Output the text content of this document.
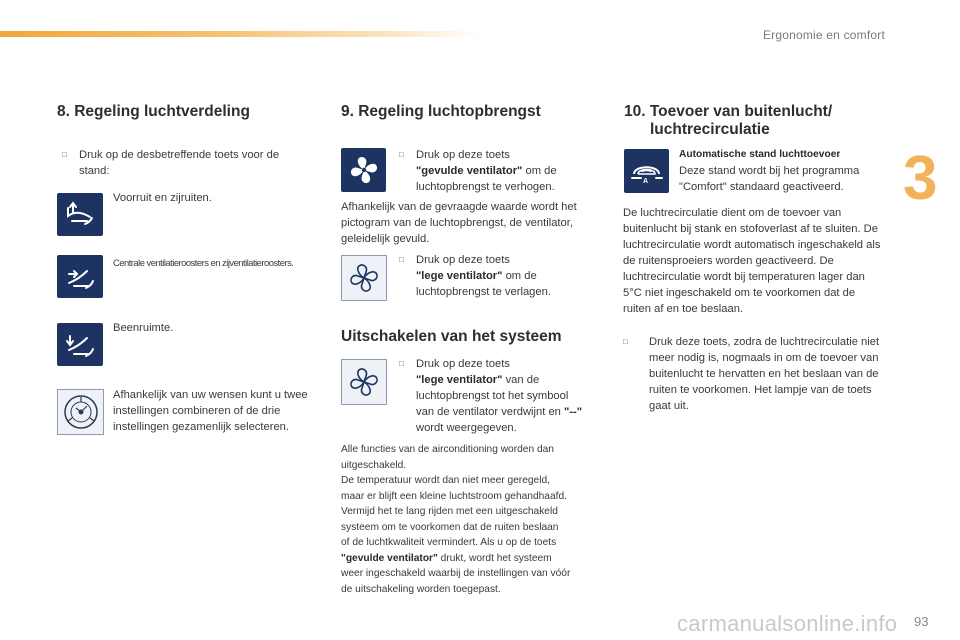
Ergonomie en comfort
3
8. Regeling luchtverdeling
□ Druk op de desbetreffende toets voor de stand:
Voorruit en zijruiten.
Centrale ventilatieroosters en zijventilatieroosters.
Beenruimte.
Afhankelijk van uw wensen kunt u twee instellingen combineren of de drie instellingen gezamenlijk selecteren.
9. Regeling luchtopbrengst
□ Druk op deze toets
"gevulde ventilator" om de
luchtopbrengst te verhogen.
Afhankelijk van de gevraagde waarde wordt het pictogram van de luchtopbrengst, de ventilator, geleidelijk gevuld.
□ Druk op deze toets
"lege ventilator" om de
luchtopbrengst te verlagen.
Uitschakelen van het systeem
□ Druk op deze toets
"lege ventilator" van de
luchtopbrengst tot het symbool
van de ventilator verdwijnt en "--"
wordt weergegeven.
Alle functies van de airconditioning worden dan
uitgeschakeld.
De temperatuur wordt dan niet meer geregeld,
maar er blijft een kleine luchtstroom gehandhaafd.
Vermijd het te lang rijden met een uitgeschakeld
systeem om te voorkomen dat de ruiten beslaan
of de luchtkwaliteit vermindert. Als u op de toets
"gevulde ventilator" drukt, wordt het systeem
weer ingeschakeld waarbij de instellingen van vóór
de uitschakeling worden toegepast.
10. Toevoer van buitenlucht/
luchtrecirculatie
A
Automatische stand luchttoevoer
Deze stand wordt bij het programma "Comfort" standaard geactiveerd.
De luchtrecirculatie dient om de toevoer van buitenlucht bij stank en stofoverlast af te sluiten. De luchtrecirculatie wordt automatisch ingeschakeld als de ruitensproeiers worden geactiveerd. De luchtrecirculatie wordt bij temperaturen lager dan 5°C niet ingeschakeld om te voorkomen dat de ruiten af en toe beslaan.
□ Druk deze toets, zodra de luchtrecirculatie niet meer nodig is, nogmaals in om de toevoer van buitenlucht te hervatten en het beslaan van de ruiten te voorkomen. Het lampje van de toets gaat uit.
carmanualsonline.info 93
